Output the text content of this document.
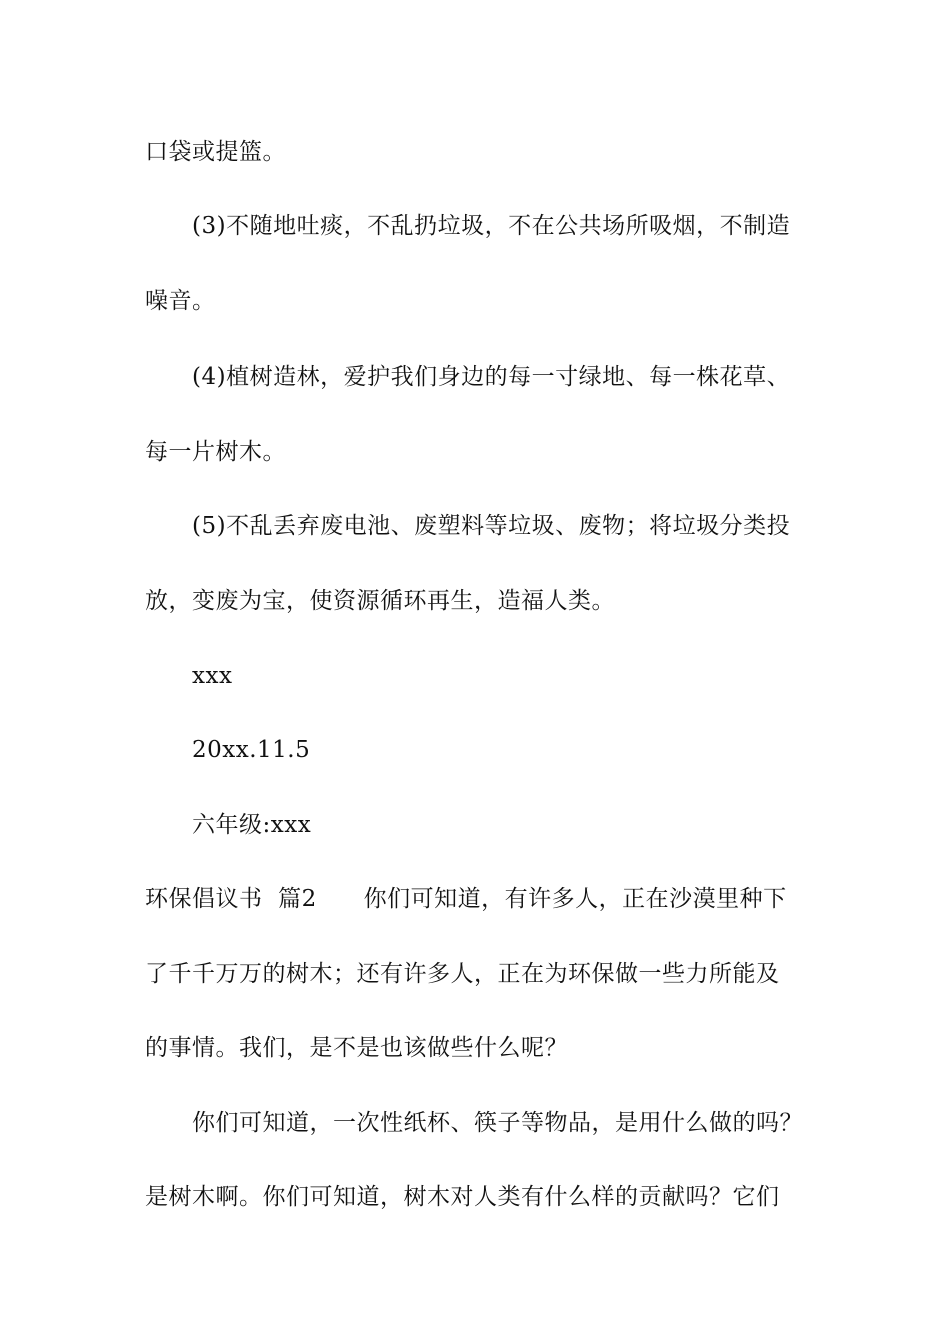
口袋或提篮。
(3)不随地吐痰，不乱扔垃圾，不在公共场所吸烟，不制造
噪音。
(4)植树造林，爱护我们身边的每一寸绿地、每一株花草、
每一片树木。
(5)不乱丢弃废电池、废塑料等垃圾、废物；将垃圾分类投
放，变废为宝，使资源循环再生，造福人类。
xxx
20xx.11.5
六年级:xxx
环保倡议书  篇2      你们可知道，有许多人，正在沙漠里种下
了千千万万的树木；还有许多人，正在为环保做一些力所能及
的事情。我们，是不是也该做些什么呢？
你们可知道，一次性纸杯、筷子等物品，是用什么做的吗？
是树木啊。你们可知道，树木对人类有什么样的贡献吗？它们
